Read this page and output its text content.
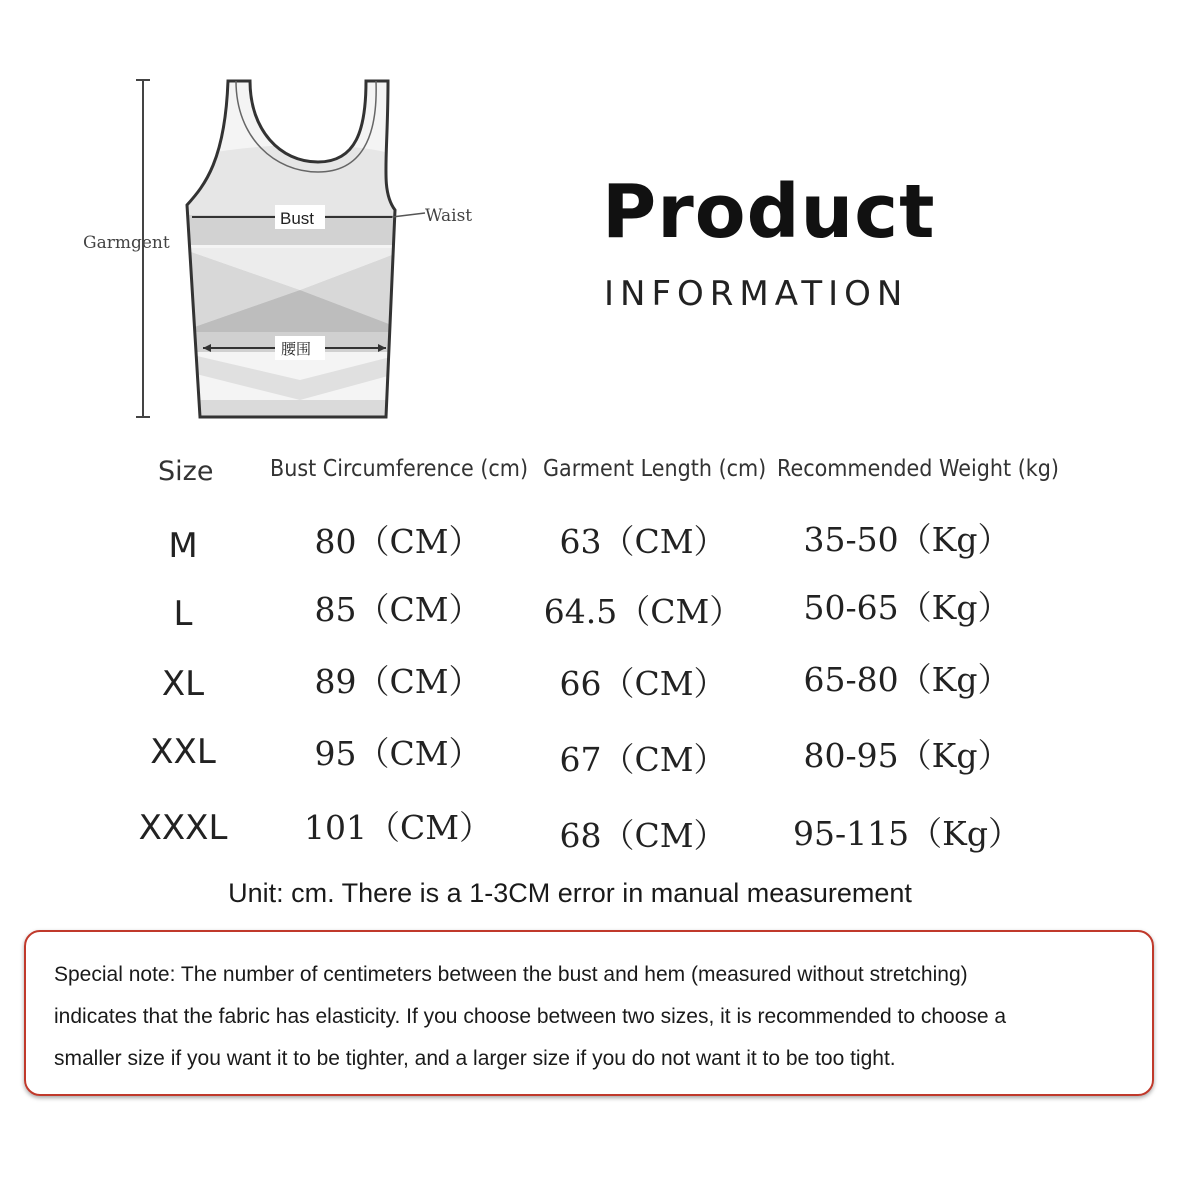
Bust	Waist
Garmgent
腰围
Product
INFORMATION
Size Bust Circumference (cm) Garment Length (cm) Recommended Weight (kg)
M	80（CM） 63（CM） 35-50（Kg）
L	85（CM） 64.5（CM） 50-65（Kg）
XL	89（CM） 66（CM） 65-80（Kg）
XXL	95（CM） 67（CM） 80-95（Kg）
XXXL 101（CM） 68（CM） 95-115（Kg）
Unit: cm. There is a 1-3CM error in manual measurement

Special note: The number of centimeters between the bust and hem (measured without stretching)

indicates that the fabric has elasticity. If you choose between two sizes, it is recommended to choose a

smaller size if you want it to be tighter, and a larger size if you do not want it to be too tight.
